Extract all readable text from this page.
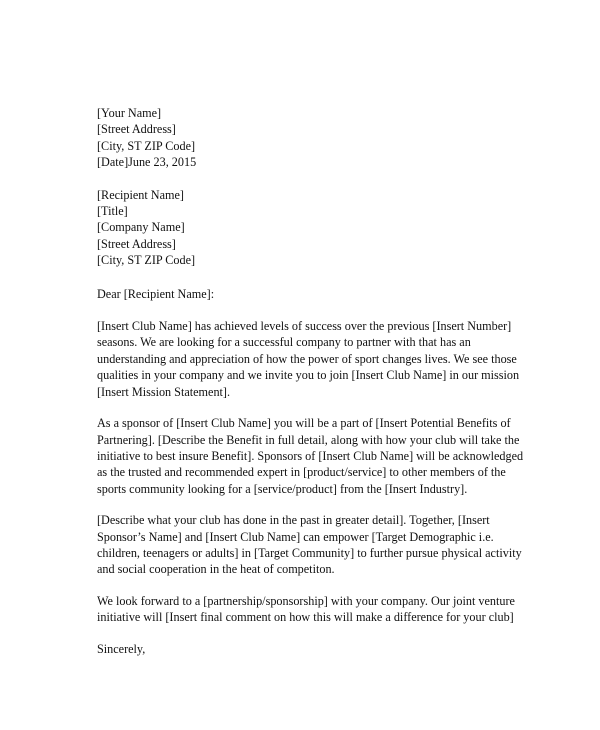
[Your Name]
[Street Address]
[City, ST ZIP Code]
[Date]June 23, 2015
[Recipient Name]
[Title]
[Company Name]
[Street Address]
[City, ST ZIP Code]
Dear [Recipient Name]:
[Insert Club Name] has achieved levels of success over the previous [Insert Number]
seasons. We are looking for a successful company to partner with that has an
understanding and appreciation of how the power of sport changes lives. We see those
qualities in your company and we invite you to join [Insert Club Name] in our mission
[Insert Mission Statement].
As a sponsor of [Insert Club Name] you will be a part of [Insert Potential Benefits of
Partnering]. [Describe the Benefit in full detail, along with how your club will take the
initiative to best insure Benefit]. Sponsors of [Insert Club Name] will be acknowledged
as the trusted and recommended expert in [product/service] to other members of the
sports community looking for a [service/product] from the [Insert Industry].
[Describe what your club has done in the past in greater detail]. Together, [Insert
Sponsor’s Name] and [Insert Club Name] can empower [Target Demographic i.e.
children, teenagers or adults] in [Target Community] to further pursue physical activity
and social cooperation in the heat of competiton.
We look forward to a [partnership/sponsorship] with your company. Our joint venture
initiative will [Insert final comment on how this will make a difference for your club]
Sincerely,
